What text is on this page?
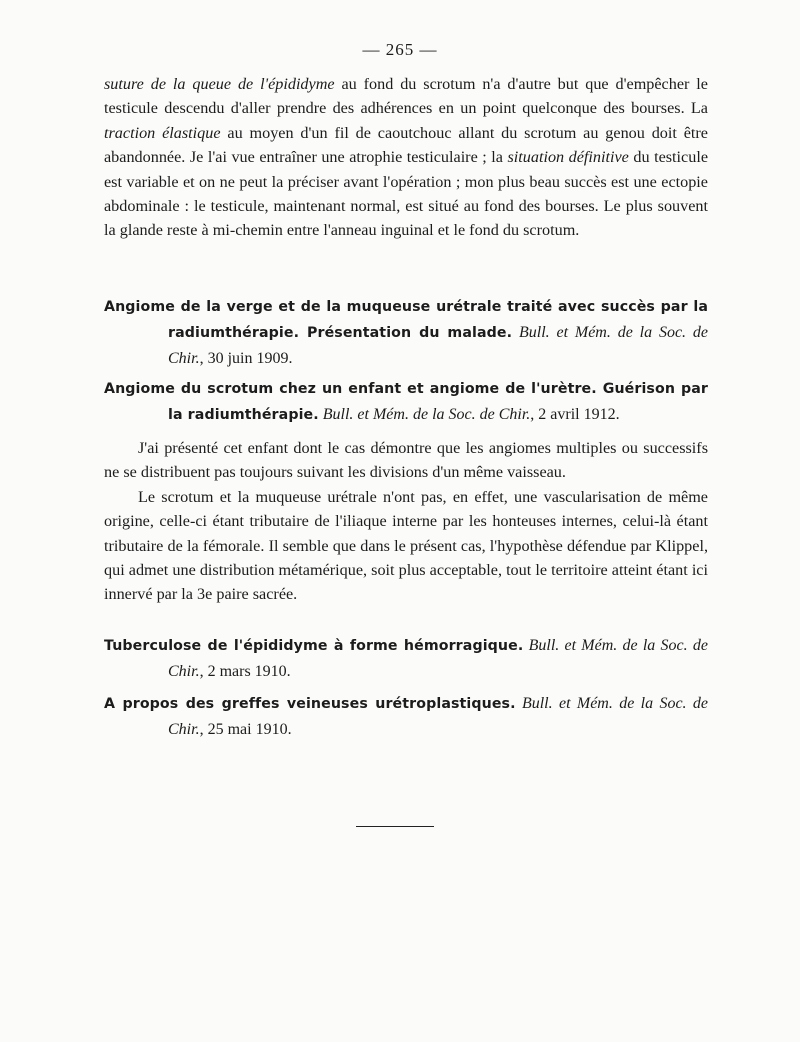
— 265 —

suture de la queue de l'épididyme au fond du scrotum n'a d'autre but que d'empêcher le testicule descendu d'aller prendre des adhérences en un point quelconque des bourses. La traction élastique au moyen d'un fil de caoutchouc allant du scrotum au genou doit être abandonnée. Je l'ai vue entraîner une atrophie testiculaire ; la situation définitive du testicule est variable et on ne peut la préciser avant l'opération ; mon plus beau succès est une ectopie abdominale : le testicule, maintenant normal, est situé au fond des bourses. Le plus souvent la glande reste à mi-chemin entre l'anneau inguinal et le fond du scrotum.

Angiome de la verge et de la muqueuse urétrale traité avec succès par la radiumthérapie. Présentation du malade. Bull. et Mém. de la Soc. de Chir., 30 juin 1909.

Angiome du scrotum chez un enfant et angiome de l'urètre. Guérison par la radiumthérapie. Bull. et Mém. de la Soc. de Chir., 2 avril 1912.

J'ai présenté cet enfant dont le cas démontre que les angiomes multiples ou successifs ne se distribuent pas toujours suivant les divisions d'un même vaisseau.

Le scrotum et la muqueuse urétrale n'ont pas, en effet, une vascularisation de même origine, celle-ci étant tributaire de l'iliaque interne par les honteuses internes, celui-là étant tributaire de la fémorale. Il semble que dans le présent cas, l'hypothèse défendue par Klippel, qui admet une distribution métamérique, soit plus acceptable, tout le territoire atteint étant ici innervé par la 3e paire sacrée.

Tuberculose de l'épididyme à forme hémorragique. Bull. et Mém. de la Soc. de Chir., 2 mars 1910.

A propos des greffes veineuses urétroplastiques. Bull. et Mém. de la Soc. de Chir., 25 mai 1910.
